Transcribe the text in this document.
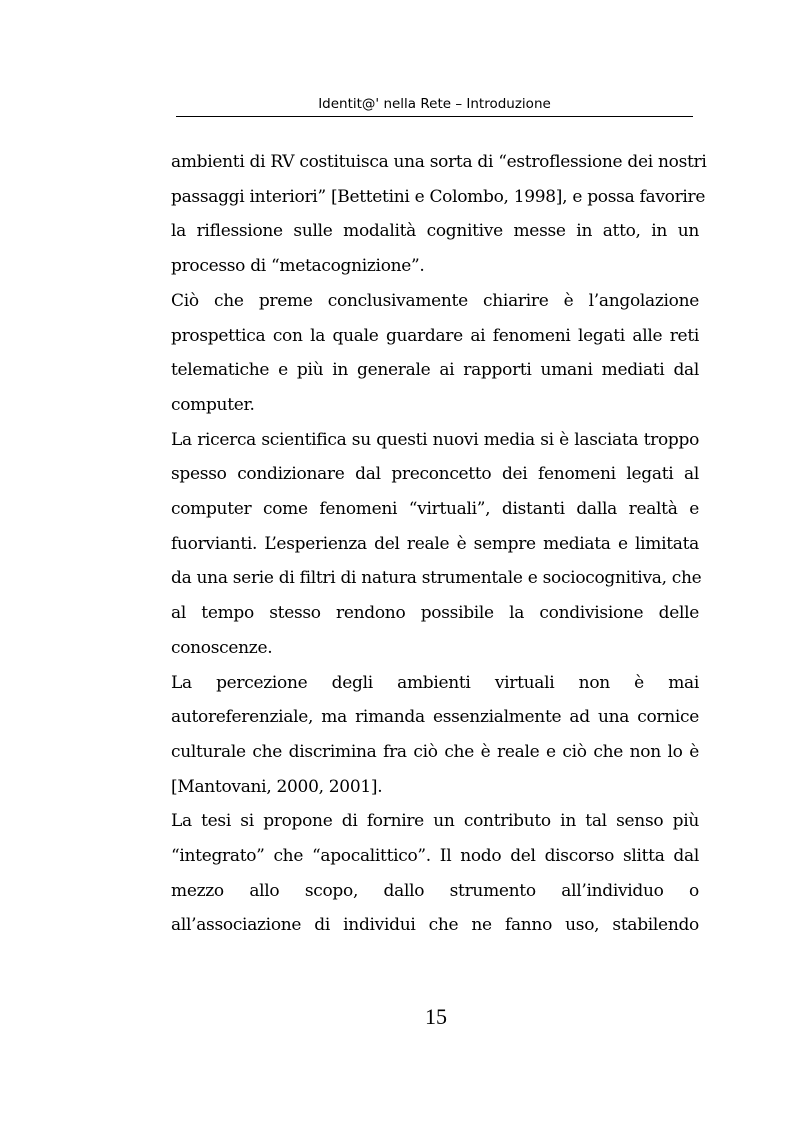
Identit@' nella Rete – Introduzione

ambienti di RV costituisca una sorta di “estroflessione dei nostri
passaggi interiori” [Bettetini e Colombo, 1998], e possa favorire
la riflessione sulle modalità cognitive messe in atto, in un
processo di “metacognizione”.

Ciò che preme conclusivamente chiarire è l’angolazione
prospettica con la quale guardare ai fenomeni legati alle reti
telematiche e più in generale ai rapporti umani mediati dal
computer.

La ricerca scientifica su questi nuovi media si è lasciata troppo
spesso condizionare dal preconcetto dei fenomeni legati al
computer come fenomeni “virtuali”, distanti dalla realtà e
fuorvianti. L’esperienza del reale è sempre mediata e limitata
da una serie di filtri di natura strumentale e sociocognitiva, che
al tempo stesso rendono possibile la condivisione delle
conoscenze.

La percezione degli ambienti virtuali non è mai
autoreferenziale, ma rimanda essenzialmente ad una cornice
culturale che discrimina fra ciò che è reale e ciò che non lo è
[Mantovani, 2000, 2001].

La tesi si propone di fornire un contributo in tal senso più
“integrato” che “apocalittico”. Il nodo del discorso slitta dal
mezzo allo scopo, dallo strumento all’individuo o
all’associazione di individui che ne fanno uso, stabilendo

15
